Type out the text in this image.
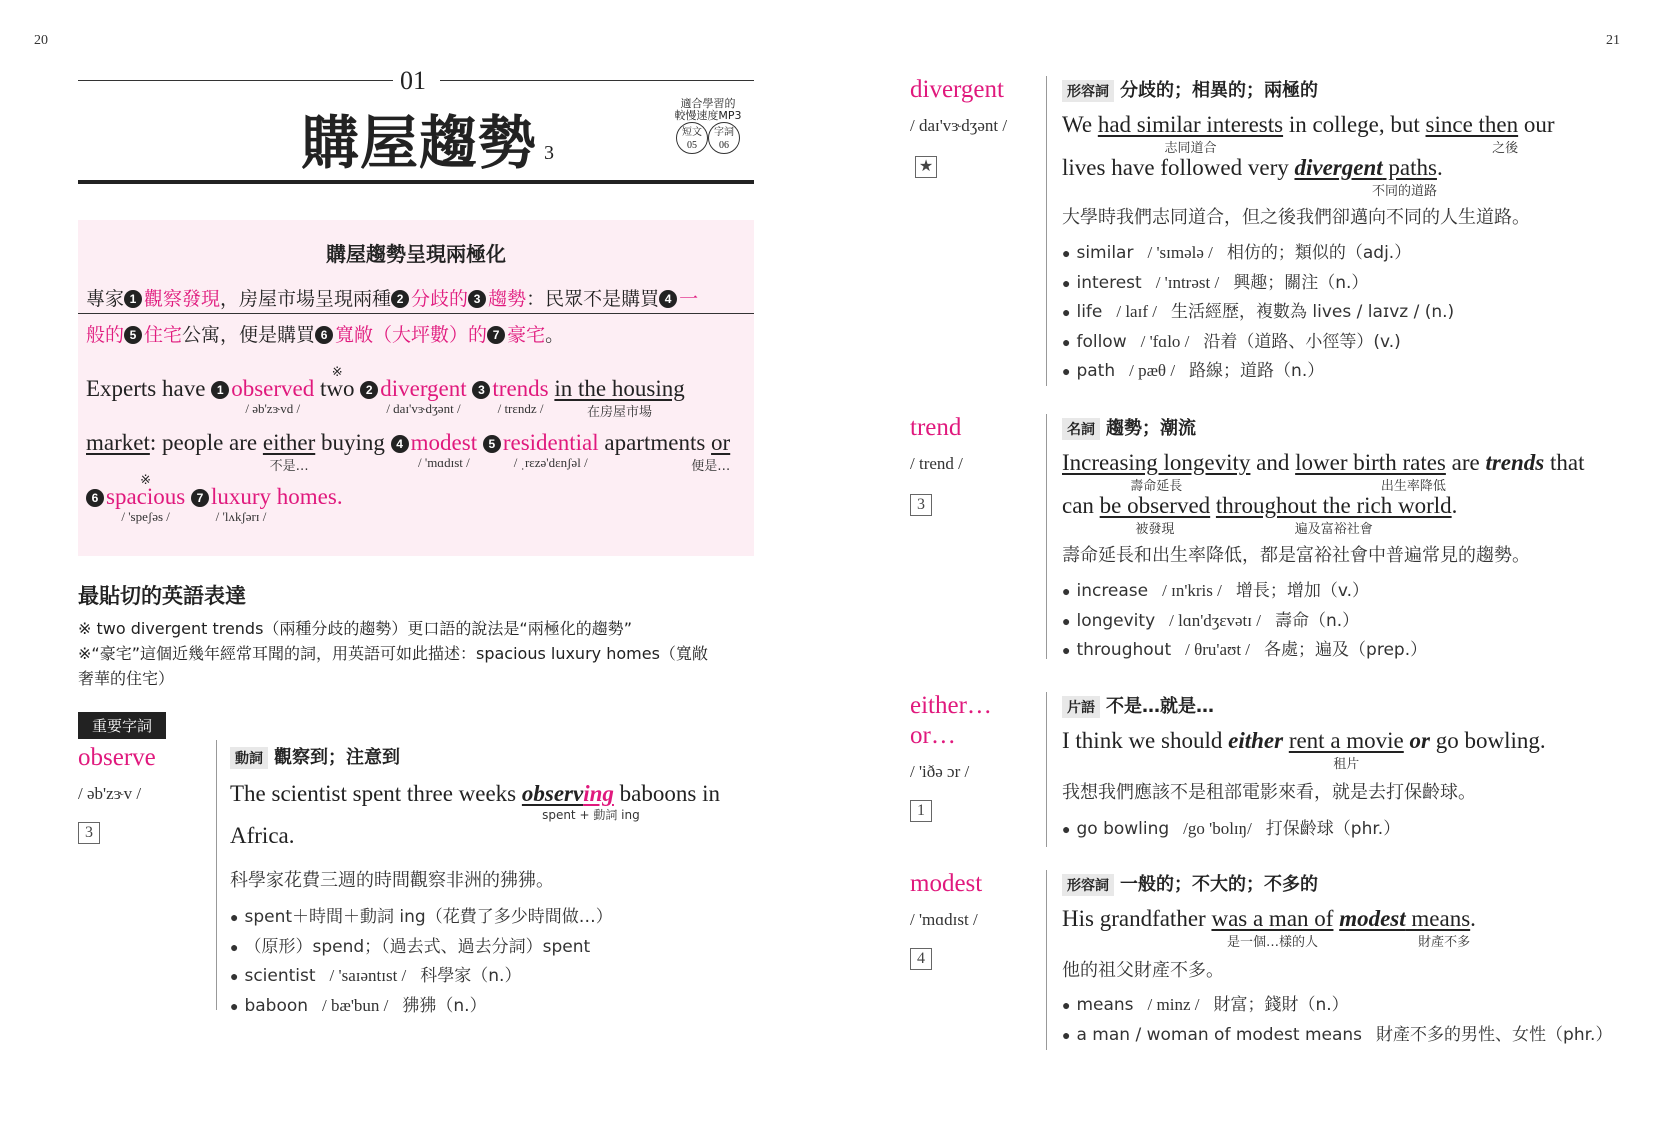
20	21
01
購屋趨勢 3
適合學習的
較慢速度MP3
短文
05
字詞
06
購屋趨勢呈現兩極化
專家 1 觀察發現，房屋市場呈現兩種 2 分歧的 3 趨勢：民眾不是購買 4 一
般的 5 住宅公寓，便是購買 6 寬敞（大坪數）的 7 豪宅。
Experts have 1 observed
/ əb'zɝvd /

※
two 2 divergent
/ daɪ'vɝdʒənt /
3 trends
/ trɛndz /
in the housing
在房屋市場
market: people are either
不是…
buying 4 modest
/ 'mɑdɪst /
5 residential
/ ˌrɛzə'dɛnʃəl /
apartments or
便是…
6
※
spacious
/ 'speʃəs /
7 luxury
/ 'lʌkʃərɪ /
homes.
最貼切的英語表達
※ two divergent trends（兩種分歧的趨勢）更口語的說法是“兩極化的趨勢”
※“豪宅”這個近幾年經常耳聞的詞，用英語可如此描述：spacious luxury homes（寬敞
奢華的住宅）
重要字詞
observe
/ əb'zɝv /
3
動詞 觀察到；注意到
The scientist spent three weeks observing
spent + 動詞 ing
baboons in
Africa.
科學家花費三週的時間觀察非洲的狒狒。
● spent＋時間＋動詞 ing（花費了多少時間做…）
● （原形）spend；（過去式、過去分詞）spent
● scientist / 'saɪəntɪst / 科學家（n.）
● baboon / bæ'bun / 狒狒（n.）
divergent
/ daɪ'vɝdʒənt /
★
形容詞 分歧的；相異的；兩極的
We had similar interests
志同道合
in college, but since then
之後
our
lives have followed very divergent paths
不同的道路
.
大學時我們志同道合，但之後我們卻邁向不同的人生道路。
● similar / 'sɪmələ / 相仿的；類似的（adj.）
● interest / 'ɪntrəst / 興趣；關注（n.）
● life / laɪf / 生活經歷，複數為 lives / laɪvz / (n.)
● follow / 'fɑlo / 沿着（道路、小徑等）(v.)
● path / pæθ / 路線；道路（n.）
trend
/ trend /
3
名詞 趨勢；潮流
Increasing longevity
壽命延長
and lower birth rates
出生率降低
are trends that
can be observed
被發現
throughout the rich world
遍及富裕社會
.
壽命延長和出生率降低，都是富裕社會中普遍常見的趨勢。
● increase / ɪn'kris / 增長；增加（v.）
● longevity / lɑn'dʒɛvətɪ / 壽命（n.）
● throughout / θru'aʊt / 各處；遍及（prep.）
either…
or…
/ 'iðə ɔr /
1
片語 不是…就是…
I think we should either rent a movie
租片
or go bowling.
我想我們應該不是租部電影來看，就是去打保齡球。
● go bowling /go 'bolɪŋ/ 打保齡球（phr.）
modest
/ 'mɑdɪst /
4
形容詞 一般的；不大的；不多的
His grandfather was a man of
是一個…樣的人
modest means
財產不多
.
他的祖父財產不多。
● means / minz / 財富；錢財（n.）
● a man / woman of modest means 財產不多的男性、女性（phr.）
